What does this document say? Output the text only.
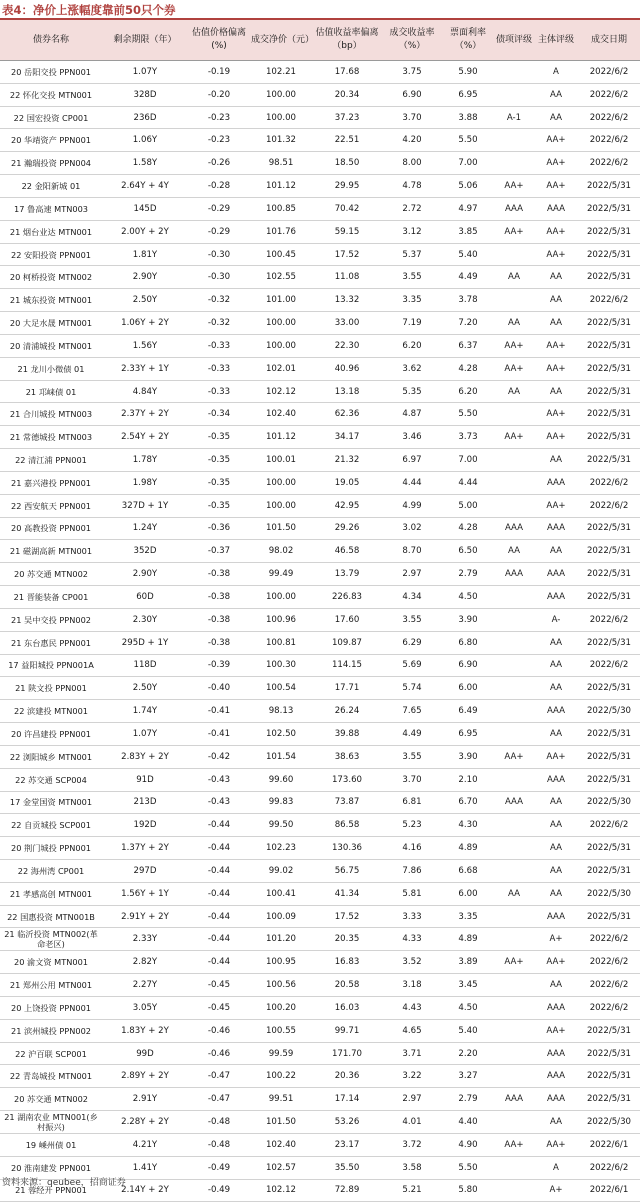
表4：净价上涨幅度靠前50只个券
债券名称	剩余期限（年）	估值价格偏离(%)	成交净价（元）	估值收益率偏离（bp）	成交收益率（%）	票面利率（%）	债项评级	主体评级	成交日期
20 岳阳交投 PPN001	1.07Y	-0.19	102.21	17.68	3.75	5.90		A	2022/6/2
22 怀化交投 MTN001	328D	-0.20	100.00	20.34	6.90	6.95		AA	2022/6/2
22 国宏投资 CP001	236D	-0.23	100.00	37.23	3.70	3.88	A-1	AA	2022/6/2
20 华靖资产 PPN001	1.06Y	-0.23	101.32	22.51	4.20	5.50		AA+	2022/6/2
21 瀚瑞投资 PPN004	1.58Y	-0.26	98.51	18.50	8.00	7.00		AA+	2022/6/2
22 金阳新城 01	2.64Y + 4Y	-0.28	101.12	29.95	4.78	5.06	AA+	AA+	2022/5/31
17 鲁高速 MTN003	145D	-0.29	100.85	70.42	2.72	4.97	AAA	AAA	2022/5/31
21 烟台业达 MTN001	2.00Y + 2Y	-0.29	101.76	59.15	3.12	3.85	AA+	AA+	2022/5/31
22 安阳投资 PPN001	1.81Y	-0.30	100.45	17.52	5.37	5.40		AA+	2022/5/31
20 柯桥投资 MTN002	2.90Y	-0.30	102.55	11.08	3.55	4.49	AA	AA	2022/5/31
21 城东投资 MTN001	2.50Y	-0.32	101.00	13.32	3.35	3.78		AA	2022/6/2
20 大足水晟 MTN001	1.06Y + 2Y	-0.32	100.00	33.00	7.19	7.20	AA	AA	2022/5/31
20 清浦城投 MTN001	1.56Y	-0.33	100.00	22.30	6.20	6.37	AA+	AA+	2022/5/31
21 龙川小微债 01	2.33Y + 1Y	-0.33	102.01	40.96	3.62	4.28	AA+	AA+	2022/5/31
21 邛崃债 01	4.84Y	-0.33	102.12	13.18	5.35	6.20	AA	AA	2022/5/31
21 合川城投 MTN003	2.37Y + 2Y	-0.34	102.40	62.36	4.87	5.50		AA+	2022/5/31
21 常德城投 MTN003	2.54Y + 2Y	-0.35	101.12	34.17	3.46	3.73	AA+	AA+	2022/5/31
22 清江浦 PPN001	1.78Y	-0.35	100.01	21.32	6.97	7.00		AA	2022/5/31
21 嘉兴港投 PPN001	1.98Y	-0.35	100.00	19.05	4.44	4.44		AAA	2022/6/2
22 西安航天 PPN001	327D + 1Y	-0.35	100.00	42.95	4.99	5.00		AA+	2022/6/2
20 高教投资 PPN001	1.24Y	-0.36	101.50	29.26	3.02	4.28	AAA	AAA	2022/5/31
21 磁湖高新 MTN001	352D	-0.37	98.02	46.58	8.70	6.50	AA	AA	2022/5/31
20 苏交通 MTN002	2.90Y	-0.38	99.49	13.79	2.97	2.79	AAA	AAA	2022/5/31
21 晋能装备 CP001	60D	-0.38	100.00	226.83	4.34	4.50		AAA	2022/5/31
21 吴中交投 PPN002	2.30Y	-0.38	100.96	17.60	3.55	3.90		A-	2022/6/2
21 东台惠民 PPN001	295D + 1Y	-0.38	100.81	109.87	6.29	6.80		AA	2022/5/31
17 益阳城投 PPN001A	118D	-0.39	100.30	114.15	5.69	6.90		AA	2022/6/2
21 陕文投 PPN001	2.50Y	-0.40	100.54	17.71	5.74	6.00		AA	2022/5/31
22 滨建投 MTN001	1.74Y	-0.41	98.13	26.24	7.65	6.49		AAA	2022/5/30
20 许昌建投 PPN001	1.07Y	-0.41	102.50	39.88	4.49	6.95		AA	2022/5/31
22 浏阳城乡 MTN001	2.83Y + 2Y	-0.42	101.54	38.63	3.55	3.90	AA+	AA+	2022/5/31
22 苏交通 SCP004	91D	-0.43	99.60	173.60	3.70	2.10		AAA	2022/5/31
17 金堂国资 MTN001	213D	-0.43	99.83	73.87	6.81	6.70	AAA	AA	2022/5/30
22 自贡城投 SCP001	192D	-0.44	99.50	86.58	5.23	4.30		AA	2022/6/2
20 荆门城投 PPN001	1.37Y + 2Y	-0.44	102.23	130.36	4.16	4.89		AA	2022/5/31
22 海州湾 CP001	297D	-0.44	99.02	56.75	7.86	6.68		AA	2022/5/31
21 孝感高创 MTN001	1.56Y + 1Y	-0.44	100.41	41.34	5.81	6.00	AA	AA	2022/5/30
22 国惠投资 MTN001B	2.91Y + 2Y	-0.44	100.09	17.52	3.33	3.35		AAA	2022/5/31
21 临沂投资 MTN002(革命老区)	2.33Y	-0.44	101.20	20.35	4.33	4.89		A+	2022/6/2
20 渝文资 MTN001	2.82Y	-0.44	100.95	16.83	3.52	3.89	AA+	AA+	2022/6/2
21 郑州公用 MTN001	2.27Y	-0.45	100.56	20.58	3.18	3.45		AA	2022/6/2
20 上饶投资 PPN001	3.05Y	-0.45	100.20	16.03	4.43	4.50		AAA	2022/6/2
21 滨州城投 PPN002	1.83Y + 2Y	-0.46	100.55	99.71	4.65	5.40		AA+	2022/5/31
22 沪百联 SCP001	99D	-0.46	99.59	171.70	3.71	2.20		AAA	2022/5/31
22 青岛城投 MTN001	2.89Y + 2Y	-0.47	100.22	20.36	3.22	3.27		AAA	2022/5/31
20 苏交通 MTN002	2.91Y	-0.47	99.51	17.14	2.97	2.79	AAA	AAA	2022/5/31
21 湖南农业 MTN001(乡村振兴)	2.28Y + 2Y	-0.48	101.50	53.26	4.01	4.40		AA	2022/5/30
19 嵊州债 01	4.21Y	-0.48	102.40	23.17	3.72	4.90	AA+	AA+	2022/6/1
20 淮南建发 PPN001	1.41Y	-0.49	102.57	35.50	3.58	5.50		A	2022/6/2
21 蓉经开 PPN001	2.14Y + 2Y	-0.49	102.12	72.89	5.21	5.80		A+	2022/6/1
资料来源：qeubee，招商证券
